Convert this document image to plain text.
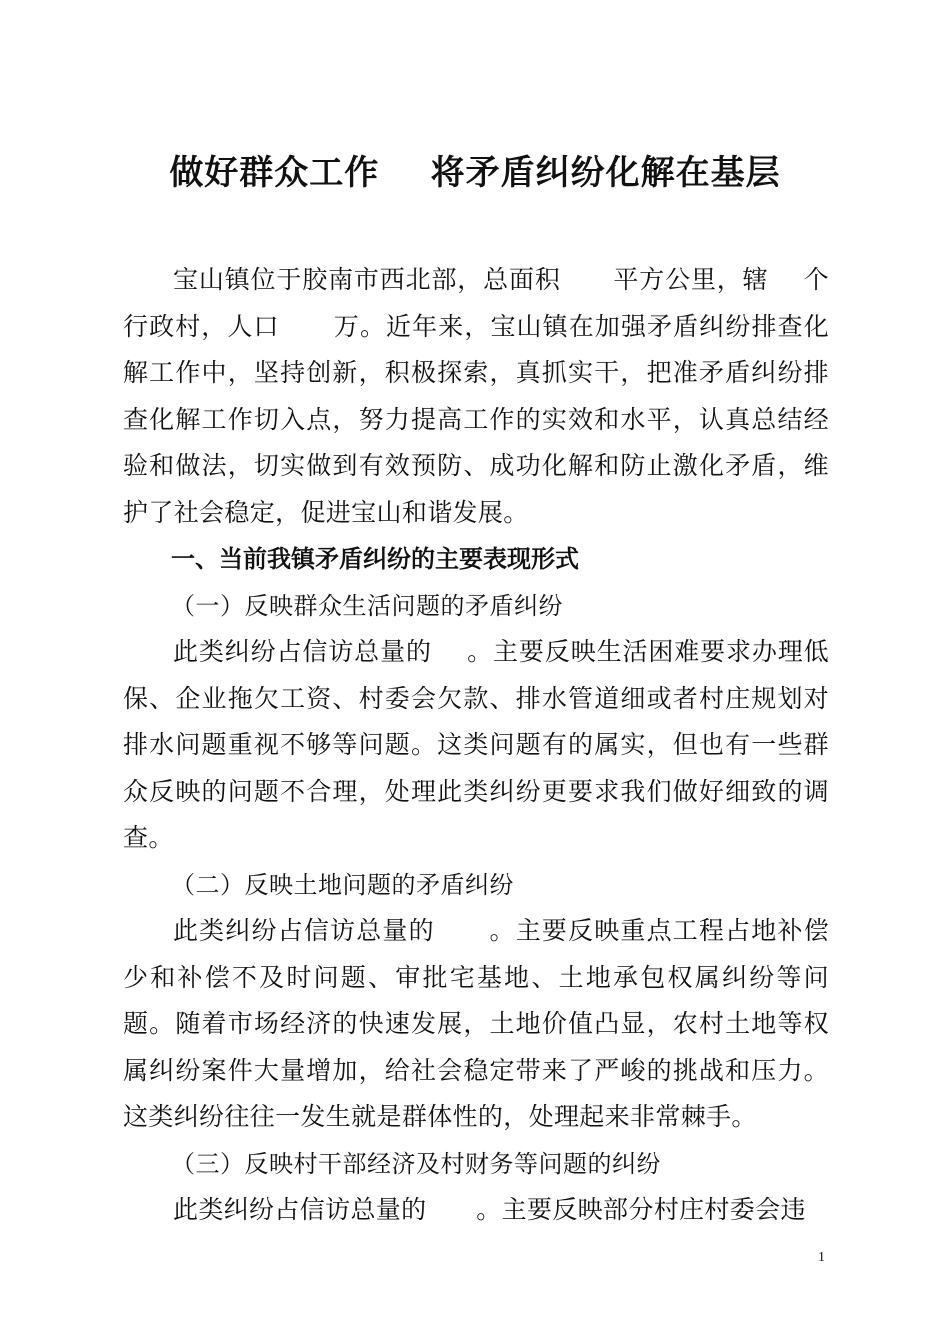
做好群众工作    将矛盾纠纷化解在基层

宝山镇位于胶南市西北部，总面积      平方公里，辖    个行政村，人口      万。近年来，宝山镇在加强矛盾纠纷排查化解工作中，坚持创新，积极探索，真抓实干，把准矛盾纠纷排查化解工作切入点，努力提高工作的实效和水平，认真总结经验和做法，切实做到有效预防、成功化解和防止激化矛盾，维护了社会稳定，促进宝山和谐发展。

一、当前我镇矛盾纠纷的主要表现形式

（一）反映群众生活问题的矛盾纠纷

此类纠纷占信访总量的    。主要反映生活困难要求办理低保、企业拖欠工资、村委会欠款、排水管道细或者村庄规划对排水问题重视不够等问题。这类问题有的属实，但也有一些群众反映的问题不合理，处理此类纠纷更要求我们做好细致的调查。

（二）反映土地问题的矛盾纠纷

此类纠纷占信访总量的      。主要反映重点工程占地补偿少和补偿不及时问题、审批宅基地、土地承包权属纠纷等问题。随着市场经济的快速发展，土地价值凸显，农村土地等权属纠纷案件大量增加，给社会稳定带来了严峻的挑战和压力。这类纠纷往往一发生就是群体性的，处理起来非常棘手。

（三）反映村干部经济及村财务等问题的纠纷

此类纠纷占信访总量的      。主要反映部分村庄村委会违

1
